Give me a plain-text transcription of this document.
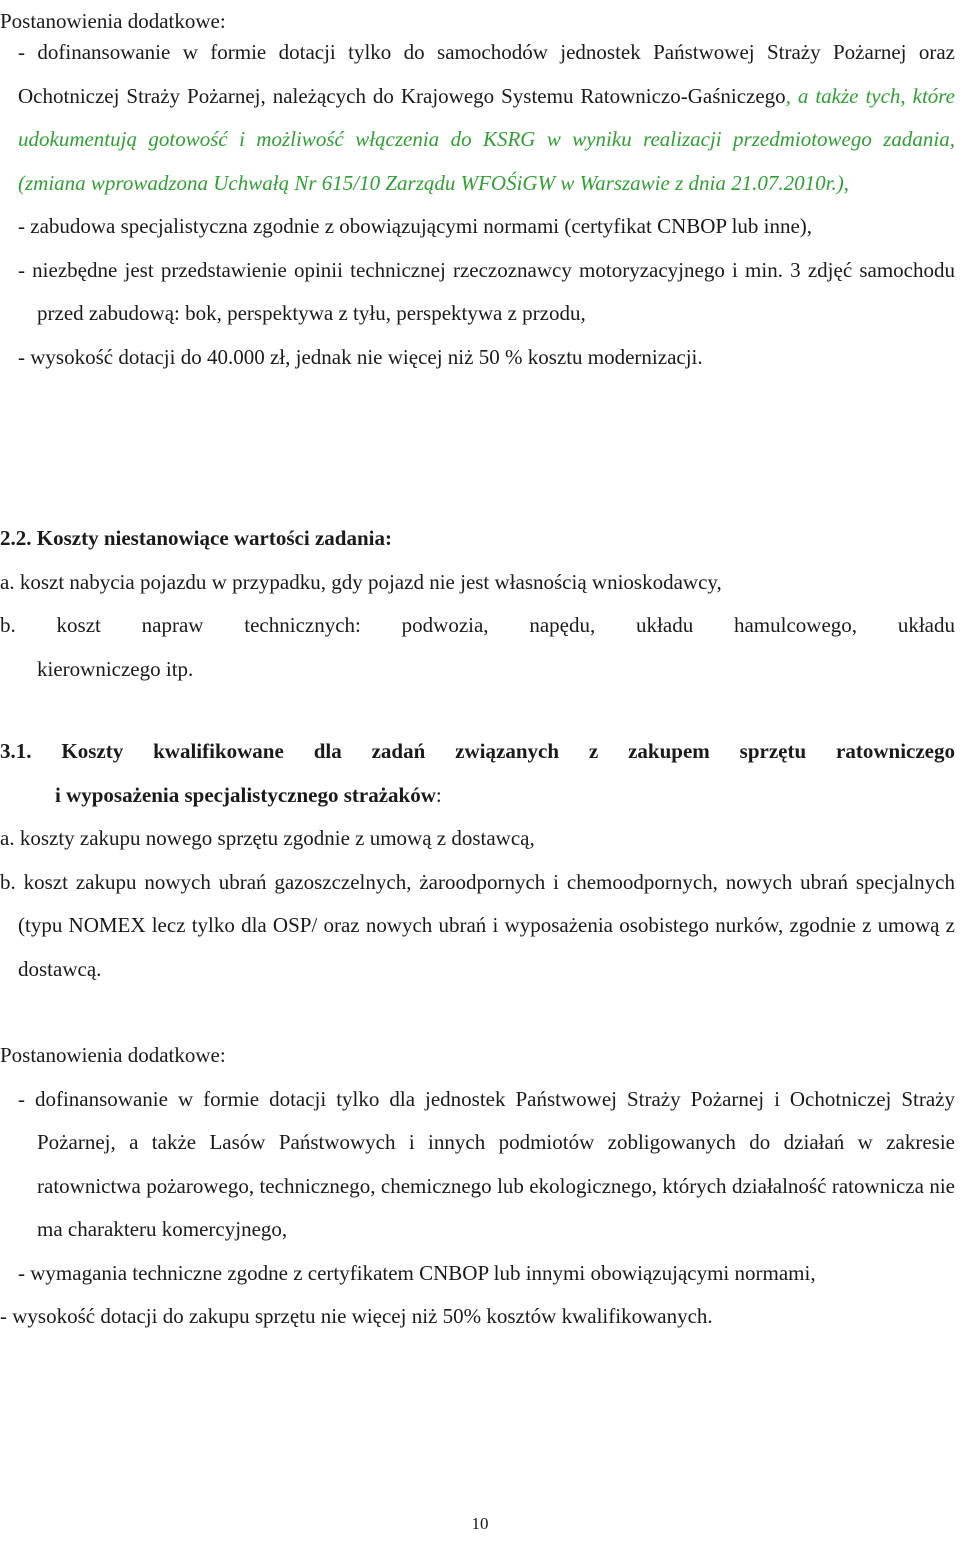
Postanowienia dodatkowe:

- dofinansowanie w formie dotacji tylko do samochodów jednostek Państwowej Straży Pożarnej oraz Ochotniczej Straży Pożarnej, należących do Krajowego Systemu Ratowniczo-Gaśniczego, a także tych, które udokumentują gotowość i możliwość włączenia do KSRG w wyniku realizacji przedmiotowego zadania, (zmiana wprowadzona Uchwałą Nr 615/10 Zarządu WFOŚiGW w Warszawie z dnia 21.07.2010r.),

- zabudowa specjalistyczna zgodnie z obowiązującymi normami (certyfikat CNBOP lub inne),

- niezbędne jest przedstawienie opinii technicznej rzeczoznawcy motoryzacyjnego i min. 3 zdjęć samochodu przed zabudową: bok, perspektywa z tyłu, perspektywa z przodu,

- wysokość dotacji do 40.000 zł, jednak nie więcej niż 50 % kosztu modernizacji.

2.2. Koszty niestanowiące wartości zadania:

a. koszt nabycia pojazdu w przypadku, gdy pojazd nie jest własnością wnioskodawcy,

b. koszt napraw technicznych: podwozia, napędu, układu hamulcowego, układu

kierowniczego itp.

3.1. Koszty kwalifikowane dla zadań związanych z zakupem sprzętu ratowniczego

i wyposażenia specjalistycznego strażaków:

a. koszty zakupu nowego sprzętu zgodnie z umową z dostawcą,

b. koszt zakupu nowych ubrań gazoszczelnych, żaroodpornych i chemoodpornych, nowych ubrań specjalnych (typu NOMEX lecz tylko dla OSP/ oraz nowych ubrań i wyposażenia osobistego nurków, zgodnie z umową z dostawcą.

Postanowienia dodatkowe:

- dofinansowanie w formie dotacji tylko dla jednostek Państwowej Straży Pożarnej i Ochotniczej Straży Pożarnej, a także Lasów Państwowych i innych podmiotów zobligowanych do działań w zakresie ratownictwa pożarowego, technicznego, chemicznego lub ekologicznego, których działalność ratownicza nie ma charakteru komercyjnego,

- wymagania techniczne zgodne z certyfikatem CNBOP lub innymi obowiązującymi normami,

- wysokość dotacji do zakupu sprzętu nie więcej niż 50% kosztów kwalifikowanych.

10
